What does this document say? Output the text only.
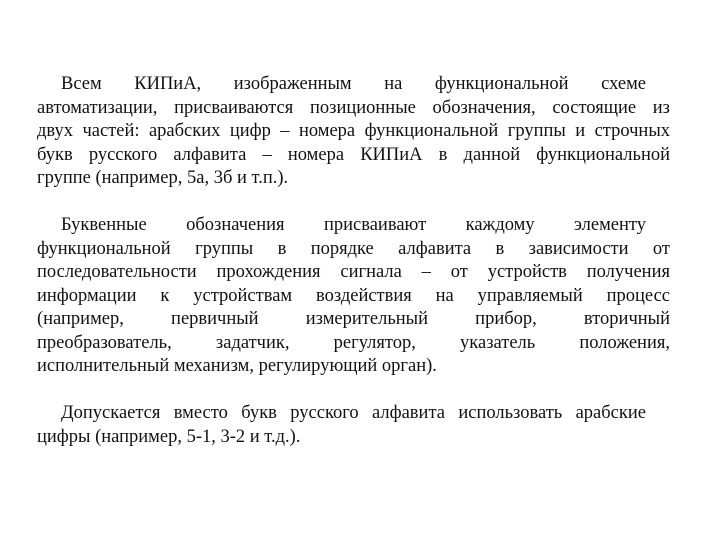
Всем КИПиА, изображенным на функциональной схеме
автоматизации, присваиваются позиционные обозначения, состоящие из
двух частей: арабских цифр – номера функциональной группы и строчных
букв русского алфавита – номера КИПиА в данной функциональной
группе (например, 5а, 3б и т.п.).

Буквенные обозначения присваивают каждому элементу
функциональной группы в порядке алфавита в зависимости от
последовательности прохождения сигнала – от устройств получения
информации к устройствам воздействия на управляемый процесс
(например, первичный измерительный прибор, вторичный
преобразователь, задатчик, регулятор, указатель положения,
исполнительный механизм, регулирующий орган).

Допускается вместо букв русского алфавита использовать арабские
цифры (например, 5-1, 3-2 и т.д.).
